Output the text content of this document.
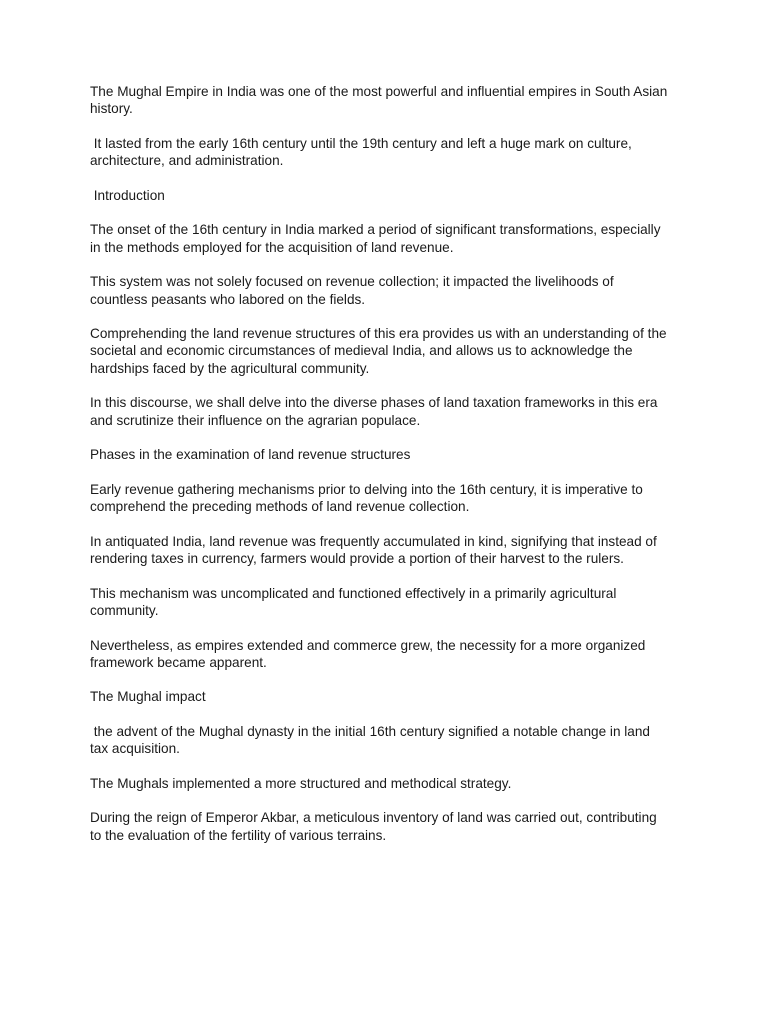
The Mughal Empire in India was one of the most powerful and influential empires in South Asian
history.

It lasted from the early 16th century until the 19th century and left a huge mark on culture,
architecture, and administration.

Introduction

The onset of the 16th century in India marked a period of significant transformations, especially
in the methods employed for the acquisition of land revenue.

This system was not solely focused on revenue collection; it impacted the livelihoods of
countless peasants who labored on the fields.

Comprehending the land revenue structures of this era provides us with an understanding of the
societal and economic circumstances of medieval India, and allows us to acknowledge the
hardships faced by the agricultural community.

In this discourse, we shall delve into the diverse phases of land taxation frameworks in this era
and scrutinize their influence on the agrarian populace.

Phases in the examination of land revenue structures

Early revenue gathering mechanisms prior to delving into the 16th century, it is imperative to
comprehend the preceding methods of land revenue collection.

In antiquated India, land revenue was frequently accumulated in kind, signifying that instead of
rendering taxes in currency, farmers would provide a portion of their harvest to the rulers.

This mechanism was uncomplicated and functioned effectively in a primarily agricultural
community.

Nevertheless, as empires extended and commerce grew, the necessity for a more organized
framework became apparent.

The Mughal impact

the advent of the Mughal dynasty in the initial 16th century signified a notable change in land
tax acquisition.

The Mughals implemented a more structured and methodical strategy.

During the reign of Emperor Akbar, a meticulous inventory of land was carried out, contributing
to the evaluation of the fertility of various terrains.
